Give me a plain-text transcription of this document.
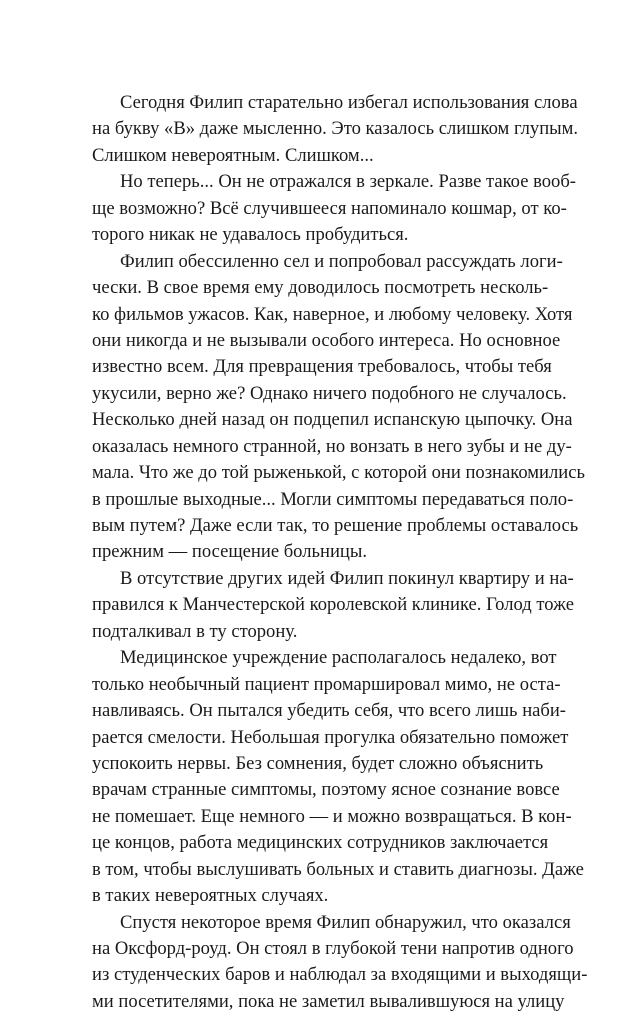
Сегодня Филип старательно избегал использования слова
на букву «В» даже мысленно. Это казалось слишком глупым.
Слишком невероятным. Слишком...
Но теперь... Он не отражался в зеркале. Разве такое вооб-
ще возможно? Всё случившееся напоминало кошмар, от ко-
торого никак не удавалось пробудиться.
Филип обессиленно сел и попробовал рассуждать логи-
чески. В свое время ему доводилось посмотреть несколь-
ко фильмов ужасов. Как, наверное, и любому человеку. Хотя
они никогда и не вызывали особого интереса. Но основное
известно всем. Для превращения требовалось, чтобы тебя
укусили, верно же? Однако ничего подобного не случалось.
Несколько дней назад он подцепил испанскую цыпочку. Она
оказалась немного странной, но вонзать в него зубы и не ду-
мала. Что же до той рыженькой, с которой они познакомились
в прошлые выходные... Могли симптомы передаваться поло-
вым путем? Даже если так, то решение проблемы оставалось
прежним — посещение больницы.
В отсутствие других идей Филип покинул квартиру и на-
правился к Манчестерской королевской клинике. Голод тоже
подталкивал в ту сторону.
Медицинское учреждение располагалось недалеко, вот
только необычный пациент промаршировал мимо, не оста-
навливаясь. Он пытался убедить себя, что всего лишь наби-
рается смелости. Небольшая прогулка обязательно поможет
успокоить нервы. Без сомнения, будет сложно объяснить
врачам странные симптомы, поэтому ясное сознание вовсе
не помешает. Еще немного — и можно возвращаться. В кон-
це концов, работа медицинских сотрудников заключается
в том, чтобы выслушивать больных и ставить диагнозы. Даже
в таких невероятных случаях.
Спустя некоторое время Филип обнаружил, что оказался
на Оксфорд-роуд. Он стоял в глубокой тени напротив одного
из студенческих баров и наблюдал за входящими и выходящи-
ми посетителями, пока не заметил вывалившуюся на улицу
